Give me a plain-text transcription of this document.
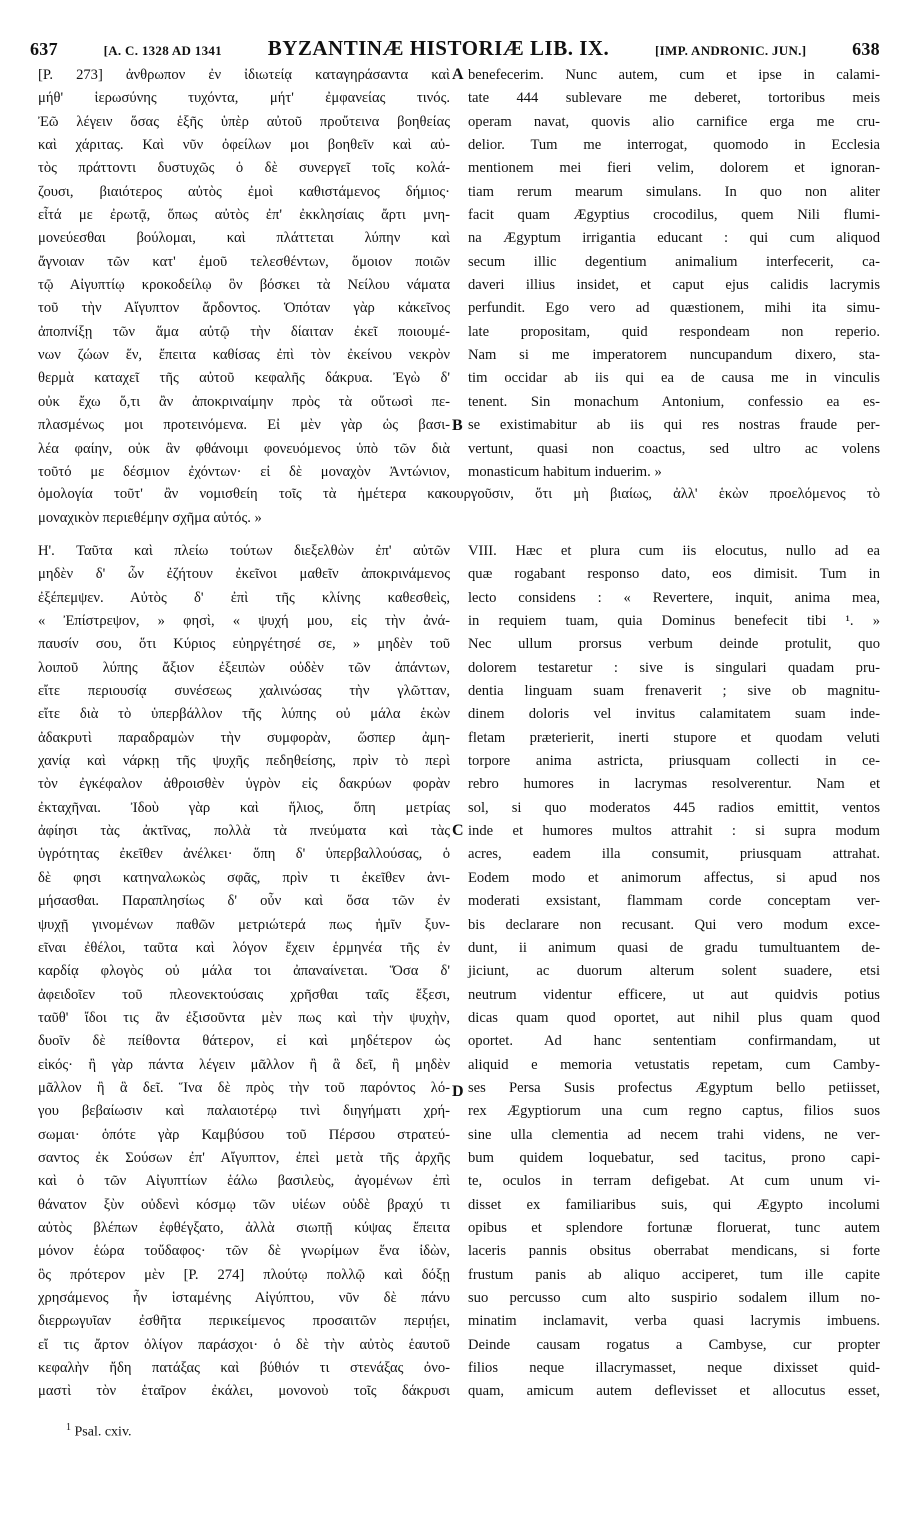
637	[A. C. 1328 AD 1341 BYZANTINÆ HISTORIÆ LIB. IX.	[IMP. ANDRONIC. JUN.]	638

[P. 273] ἀνθρωπον ἐν ἰδιωτείᾳ καταγηράσαντα καὶ

μήθ' ἱερωσύνης τυχόντα, μήτ' ἐμφανείας τινός.

Ἐῶ λέγειν ὅσας ἑξῆς ὑπὲρ αὐτοῦ προὔτεινα βοηθείας

καὶ χάριτας. Καὶ νῦν ὀφείλων μοι βοηθεῖν καὶ αὐ-

τὸς πράττοντι δυστυχῶς ὁ δὲ συνεργεῖ τοῖς κολά-

ζουσι, βιαιότερος αὐτὸς ἐμοὶ καθιστάμενος δήμιος·

εἶτά με ἐρωτᾷ, ὅπως αὐτὸς ἐπ' ἐκκλησίαις ἄρτι μνη-

μονεύεσθαι βούλομαι, καὶ πλάττεται λύπην καὶ

ἄγνοιαν τῶν κατ' ἐμοῦ τελεσθέντων, ὅμοιον ποιῶν

τῷ Αἰγυπτίῳ κροκοδείλῳ ὃν βόσκει τὰ Νείλου νάματα

τοῦ τὴν Αἴγυπτον ἄρδοντος. Ὁπόταν γὰρ κἀκεῖνος

ἀποπνίξῃ τῶν ἅμα αὐτῷ τὴν δίαιταν ἐκεῖ ποιουμέ-

νων ζώων ἕν, ἔπειτα καθίσας ἐπὶ τὸν ἐκείνου νεκρὸν

θερμὰ καταχεῖ τῆς αὐτοῦ κεφαλῆς δάκρυα. Ἐγὼ δ'

οὐκ ἔχω ὅ,τι ἂν ἀποκριναίμην πρὸς τὰ οὕτωσὶ πε-

πλασμένως μοι προτεινόμενα. Εἰ μὲν γὰρ ὡς βασι-

λέα φαίην, οὐκ ἂν φθάνοιμι φονευόμενος ὑπὸ τῶν διὰ

τοῦτό με δέσμιον ἐχόντων· εἰ δὲ μοναχὸν Ἀντώνιον,

benefecerim. Nunc autem, cum et ipse in calami-

tate 444 sublevare me deberet, tortoribus meis

operam navat, quovis alio carnifice erga me cru-

delior. Tum me interrogat, quomodo in Ecclesia

mentionem mei fieri velim, dolorem et ignoran-

tiam rerum mearum simulans. In quo non aliter

facit quam Ægyptius crocodilus, quem Nili flumi-

na Ægyptum irrigantia educant : qui cum aliquod

secum illic degentium animalium interfecerit, ca-

daveri illius insidet, et caput ejus calidis lacrymis

perfundit. Ego vero ad quæstionem, mihi ita simu-

late propositam, quid respondeam non reperio.

Nam si me imperatorem nuncupandum dixero, sta-

tim occidar ab iis qui ea de causa me in vinculis

tenent. Sin monachum Antonium, confessio ea es-

se existimabitur ab iis qui res nostras fraude per-

vertunt, quasi non coactus, sed ultro ac volens

monasticum habitum induerim. »

ὁμολογία τοῦτ' ἂν νομισθείη τοῖς τὰ ἡμέτερα κακουργοῦσιν, ὅτι μὴ βιαίως, ἀλλ' ἑκὼν προελόμενος τὸ
μοναχικὸν περιεθέμην σχῆμα αὐτός. »

Η'. Ταῦτα καὶ πλείω τούτων διεξελθὼν ἐπ' αὐτῶν

μηδὲν δ' ὧν ἐζήτουν ἐκεῖνοι μαθεῖν ἀποκρινάμενος

ἐξέπεμψεν. Αὐτὸς δ' ἐπὶ τῆς κλίνης καθεσθεὶς,

« Ἐπίστρεψον, » φησὶ, « ψυχή μου, εἰς τὴν ἀνά-

παυσίν σου, ὅτι Κύριος εὐηργέτησέ σε, » μηδὲν τοῦ

λοιποῦ λύπης ἄξιον ἐξειπὼν οὐδὲν τῶν ἁπάντων,

εἴτε περιουσίᾳ συνέσεως χαλινώσας τὴν γλῶτταν,

εἴτε διὰ τὸ ὑπερβάλλον τῆς λύπης οὐ μάλα ἑκὼν

ἀδακρυτὶ παραδραμὼν τὴν συμφορὰν, ὥσπερ ἀμη-

χανίᾳ καὶ νάρκῃ τῆς ψυχῆς πεδηθείσης, πρὶν τὸ περὶ

τὸν ἐγκέφαλον ἀθροισθὲν ὑγρὸν εἰς δακρύων φορὰν

ἐκταχῆναι. Ἰδοὺ γὰρ καὶ ἥλιος, ὅπη μετρίας

ἀφίησι τὰς ἀκτῖνας, πολλὰ τὰ πνεύματα καὶ τὰς

ὑγρότητας ἐκεῖθεν ἀνέλκει· ὅπη δ' ὑπερβαλλούσας, ὁ

δὲ φησι κατηναλωκὼς σφᾶς, πρὶν τι ἐκεῖθεν ἀνι-

μήσασθαι. Παραπλησίως δ' οὖν καὶ ὅσα τῶν ἐν

ψυχῇ γινομένων παθῶν μετριώτερά πως ἡμῖν ξυν-

εῖναι ἐθέλοι, ταῦτα καὶ λόγον ἔχειν ἑρμηνέα τῆς ἐν

καρδίᾳ φλογὸς οὐ μάλα τοι ἀπαναίνεται. Ὅσα δ'

ἀφειδοῖεν τοῦ πλεονεκτούσαις χρῆσθαι ταῖς ἕξεσι,

ταῦθ' ἴδοι τις ἂν ἐξισοῦντα μὲν πως καὶ τὴν ψυχὴν,

δυοῖν δὲ πείθοντα θάτερον, εἰ καὶ μηδέτερον ὡς

εἰκός· ἢ γὰρ πάντα λέγειν μᾶλλον ἢ ἃ δεῖ, ἢ μηδὲν

μᾶλλον ἢ ἃ δεῖ. Ἵνα δὲ πρὸς τὴν τοῦ παρόντος λό-

γου βεβαίωσιν καὶ παλαιοτέρῳ τινὶ διηγήματι χρή-

σωμαι· ὁπότε γὰρ Καμβύσου τοῦ Πέρσου στρατεύ-

σαντος ἐκ Σούσων ἐπ' Αἴγυπτον, ἐπεὶ μετὰ τῆς ἀρχῆς

καὶ ὁ τῶν Αἰγυπτίων ἑάλω βασιλεὺς, ἀγομένων ἐπὶ

θάνατον ξὺν οὐδενὶ κόσμῳ τῶν υἱέων οὐδὲ βραχύ τι

αὐτὸς βλέπων ἐφθέγξατο, ἀλλὰ σιωπῇ κύψας ἔπειτα

μόνον ἑώρα τοὔδαφος· τῶν δὲ γνωρίμων ἕνα ἰδὼν,

ὃς πρότερον μὲν [P. 274] πλούτῳ πολλῷ καὶ δόξῃ

χρησάμενος ἦν ἱσταμένης Αἰγύπτου, νῦν δὲ πάνυ

διερρωγυῖαν ἐσθῆτα περικείμενος προσαιτῶν περιῄει,

εἴ τις ἄρτον ὀλίγον παράσχοι· ὁ δὲ τὴν αὐτὸς ἑαυτοῦ

κεφαλὴν ἤδη πατάξας καὶ βύθιόν τι στενάξας ὀνο-

μαστὶ τὸν ἑταῖρον ἐκάλει, μονονοὺ τοῖς δάκρυσι

VIII. Hæc et plura cum iis elocutus, nullo ad ea

quæ rogabant responso dato, eos dimisit. Tum in

lecto considens : « Revertere, inquit, anima mea,

in requiem tuam, quia Dominus benefecit tibi ¹. »

Nec ullum prorsus verbum deinde protulit, quo

dolorem testaretur : sive is singulari quadam pru-

dentia linguam suam frenaverit ; sive ob magnitu-

dinem doloris vel invitus calamitatem suam inde-

fletam præterierit, inerti stupore et quodam veluti

torpore anima astricta, priusquam collecti in ce-

rebro humores in lacrymas resolverentur. Nam et

sol, si quo moderatos 445 radios emittit, ventos

inde et humores multos attrahit : si supra modum

acres, eadem illa consumit, priusquam attrahat.

Eodem modo et animorum affectus, si apud nos

moderati exsistant, flammam corde conceptam ver-

bis declarare non recusant. Qui vero modum exce-

dunt, ii animum quasi de gradu tumultuantem de-

jiciunt, ac duorum alterum solent suadere, etsi

neutrum videntur efficere, ut aut quidvis potius

dicas quam quod oportet, aut nihil plus quam quod

oportet. Ad hanc sententiam confirmandam, ut

aliquid e memoria vetustatis repetam, cum Camby-

ses Persa Susis profectus Ægyptum bello petiisset,

rex Ægyptiorum una cum regno captus, filios suos

sine ulla clementia ad necem trahi videns, ne ver-

bum quidem loquebatur, sed tacitus, prono capi-

te, oculos in terram defigebat. At cum unum vi-

disset ex familiaribus suis, qui Ægypto incolumi

opibus et splendore fortunæ floruerat, tunc autem

laceris pannis obsitus oberrabat mendicans, si forte

frustum panis ab aliquo acciperet, tum ille capite

suo percusso cum alto suspirio sodalem illum no-

minatim inclamavit, verba quasi lacrymis imbuens.

Deinde causam rogatus a Cambyse, cur propter

filios neque illacrymasset, neque dixisset quid-

quam, amicum autem deflevisset et allocutus esset,

A
B
C
D
$^1$ Psal. cxiv.
